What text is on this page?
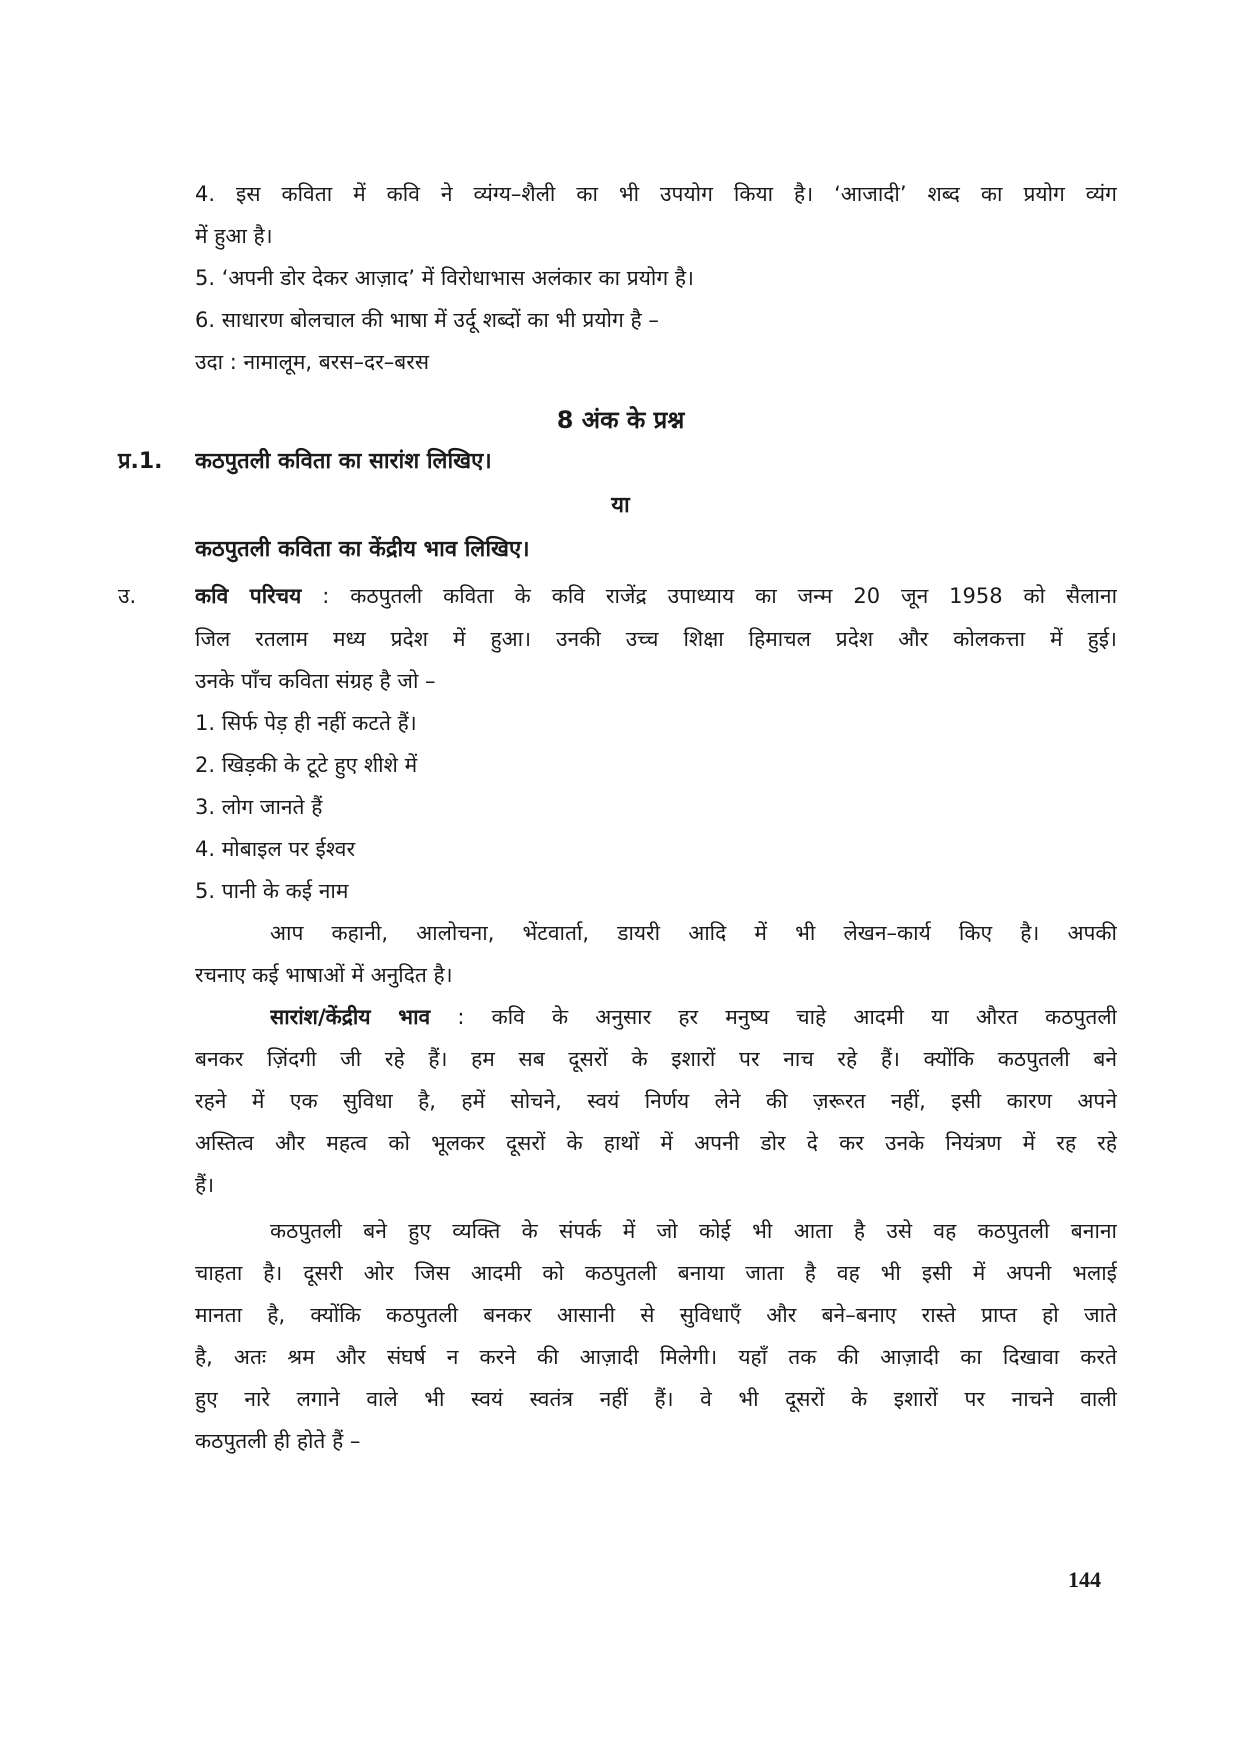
4. इस कविता में कवि ने व्यंग्य–शैली का भी उपयोग किया है। ‘आजादी’ शब्द का प्रयोग व्यंग
में हुआ है।
5. ‘अपनी डोर देकर आज़ाद’ में विरोधाभास अलंकार का प्रयोग है।
6. साधारण बोलचाल की भाषा में उर्दू शब्दों का भी प्रयोग है –
उदा : नामालूम, बरस–दर–बरस
8 अंक के प्रश्न
प्र.1. कठपुतली कविता का सारांश लिखिए।
या
कठपुतली कविता का केंद्रीय भाव लिखिए।
उ.	कवि परिचय : कठपुतली कविता के कवि राजेंद्र उपाध्याय का जन्म 20 जून 1958 को सैलाना
जिल रतलाम मध्य प्रदेश में हुआ। उनकी उच्च शिक्षा हिमाचल प्रदेश और कोलकत्ता में हुई।
उनके पाँच कविता संग्रह है जो –
1. सिर्फ पेड़ ही नहीं कटते हैं।
2. खिड़की के टूटे हुए शीशे में
3. लोग जानते हैं
4. मोबाइल पर ईश्वर
5. पानी के कई नाम
आप कहानी, आलोचना, भेंटवार्ता, डायरी आदि में भी लेखन–कार्य किए है। अपकी
रचनाए कई भाषाओं में अनुदित है।
सारांश/केंद्रीय भाव : कवि के अनुसार हर मनुष्य चाहे आदमी या औरत कठपुतली
बनकर ज़िंदगी जी रहे हैं। हम सब दूसरों के इशारों पर नाच रहे हैं। क्योंकि कठपुतली बने
रहने में एक सुविधा है, हमें सोचने, स्वयं निर्णय लेने की ज़रूरत नहीं, इसी कारण अपने
अस्तित्व और महत्व को भूलकर दूसरों के हाथों में अपनी डोर दे कर उनके नियंत्रण में रह रहे
हैं।
कठपुतली बने हुए व्यक्ति के संपर्क में जो कोई भी आता है उसे वह कठपुतली बनाना
चाहता है। दूसरी ओर जिस आदमी को कठपुतली बनाया जाता है वह भी इसी में अपनी भलाई
मानता है, क्योंकि कठपुतली बनकर आसानी से सुविधाएँ और बने–बनाए रास्ते प्राप्त हो जाते
है, अतः श्रम और संघर्ष न करने की आज़ादी मिलेगी। यहाँ तक की आज़ादी का दिखावा करते
हुए नारे लगाने वाले भी स्वयं स्वतंत्र नहीं हैं। वे भी दूसरों के इशारों पर नाचने वाली
कठपुतली ही होते हैं –
144
